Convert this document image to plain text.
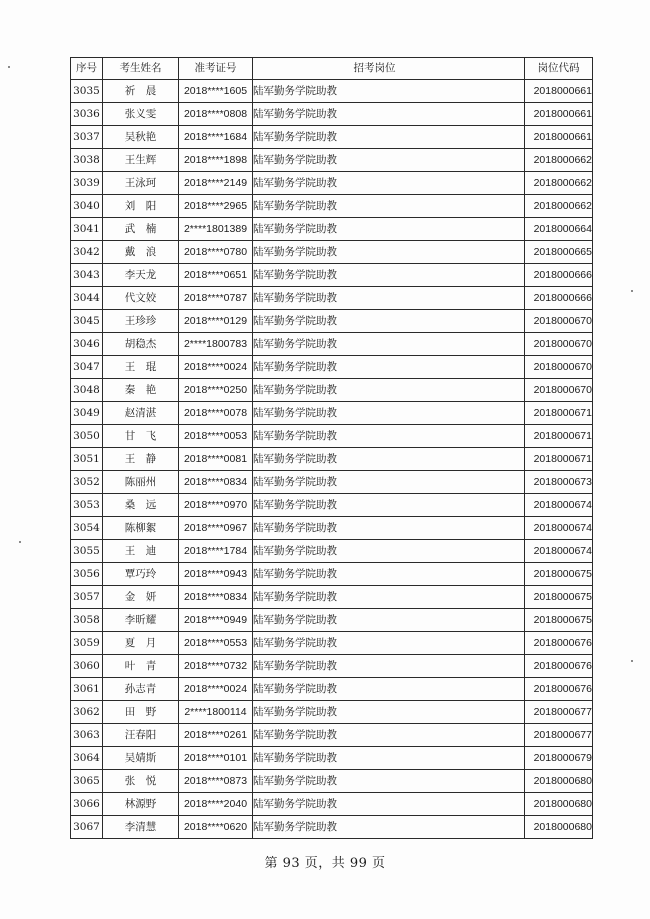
序号	考生姓名	准考证号	招考岗位	岗位代码
3035	祈　晨	2018****1605	陆军勤务学院助教	2018000661
3036	张义雯	2018****0808	陆军勤务学院助教	2018000661
3037	吴秋艳	2018****1684	陆军勤务学院助教	2018000661
3038	王生辉	2018****1898	陆军勤务学院助教	2018000662
3039	王泳珂	2018****2149	陆军勤务学院助教	2018000662
3040	刘　阳	2018****2965	陆军勤务学院助教	2018000662
3041	武　楠	2****1801389	陆军勤务学院助教	2018000664
3042	戴　浪	2018****0780	陆军勤务学院助教	2018000665
3043	李天龙	2018****0651	陆军勤务学院助教	2018000666
3044	代文姣	2018****0787	陆军勤务学院助教	2018000666
3045	王珍珍	2018****0129	陆军勤务学院助教	2018000670
3046	胡稳杰	2****1800783	陆军勤务学院助教	2018000670
3047	王　琨	2018****0024	陆军勤务学院助教	2018000670
3048	秦　艳	2018****0250	陆军勤务学院助教	2018000670
3049	赵清湛	2018****0078	陆军勤务学院助教	2018000671
3050	甘　飞	2018****0053	陆军勤务学院助教	2018000671
3051	王　静	2018****0081	陆军勤务学院助教	2018000671
3052	陈丽州	2018****0834	陆军勤务学院助教	2018000673
3053	桑　远	2018****0970	陆军勤务学院助教	2018000674
3054	陈柳絮	2018****0967	陆军勤务学院助教	2018000674
3055	王　迪	2018****1784	陆军勤务学院助教	2018000674
3056	覃巧玲	2018****0943	陆军勤务学院助教	2018000675
3057	金　妍	2018****0834	陆军勤务学院助教	2018000675
3058	李昕耀	2018****0949	陆军勤务学院助教	2018000675
3059	夏　月	2018****0553	陆军勤务学院助教	2018000676
3060	叶　青	2018****0732	陆军勤务学院助教	2018000676
3061	孙志青	2018****0024	陆军勤务学院助教	2018000676
3062	田　野	2****1800114	陆军勤务学院助教	2018000677
3063	汪春阳	2018****0261	陆军勤务学院助教	2018000677
3064	吴婧斯	2018****0101	陆军勤务学院助教	2018000679
3065	张　悦	2018****0873	陆军勤务学院助教	2018000680
3066	林源野	2018****2040	陆军勤务学院助教	2018000680
3067	李清慧	2018****0620	陆军勤务学院助教	2018000680
第 93 页，共 99 页
